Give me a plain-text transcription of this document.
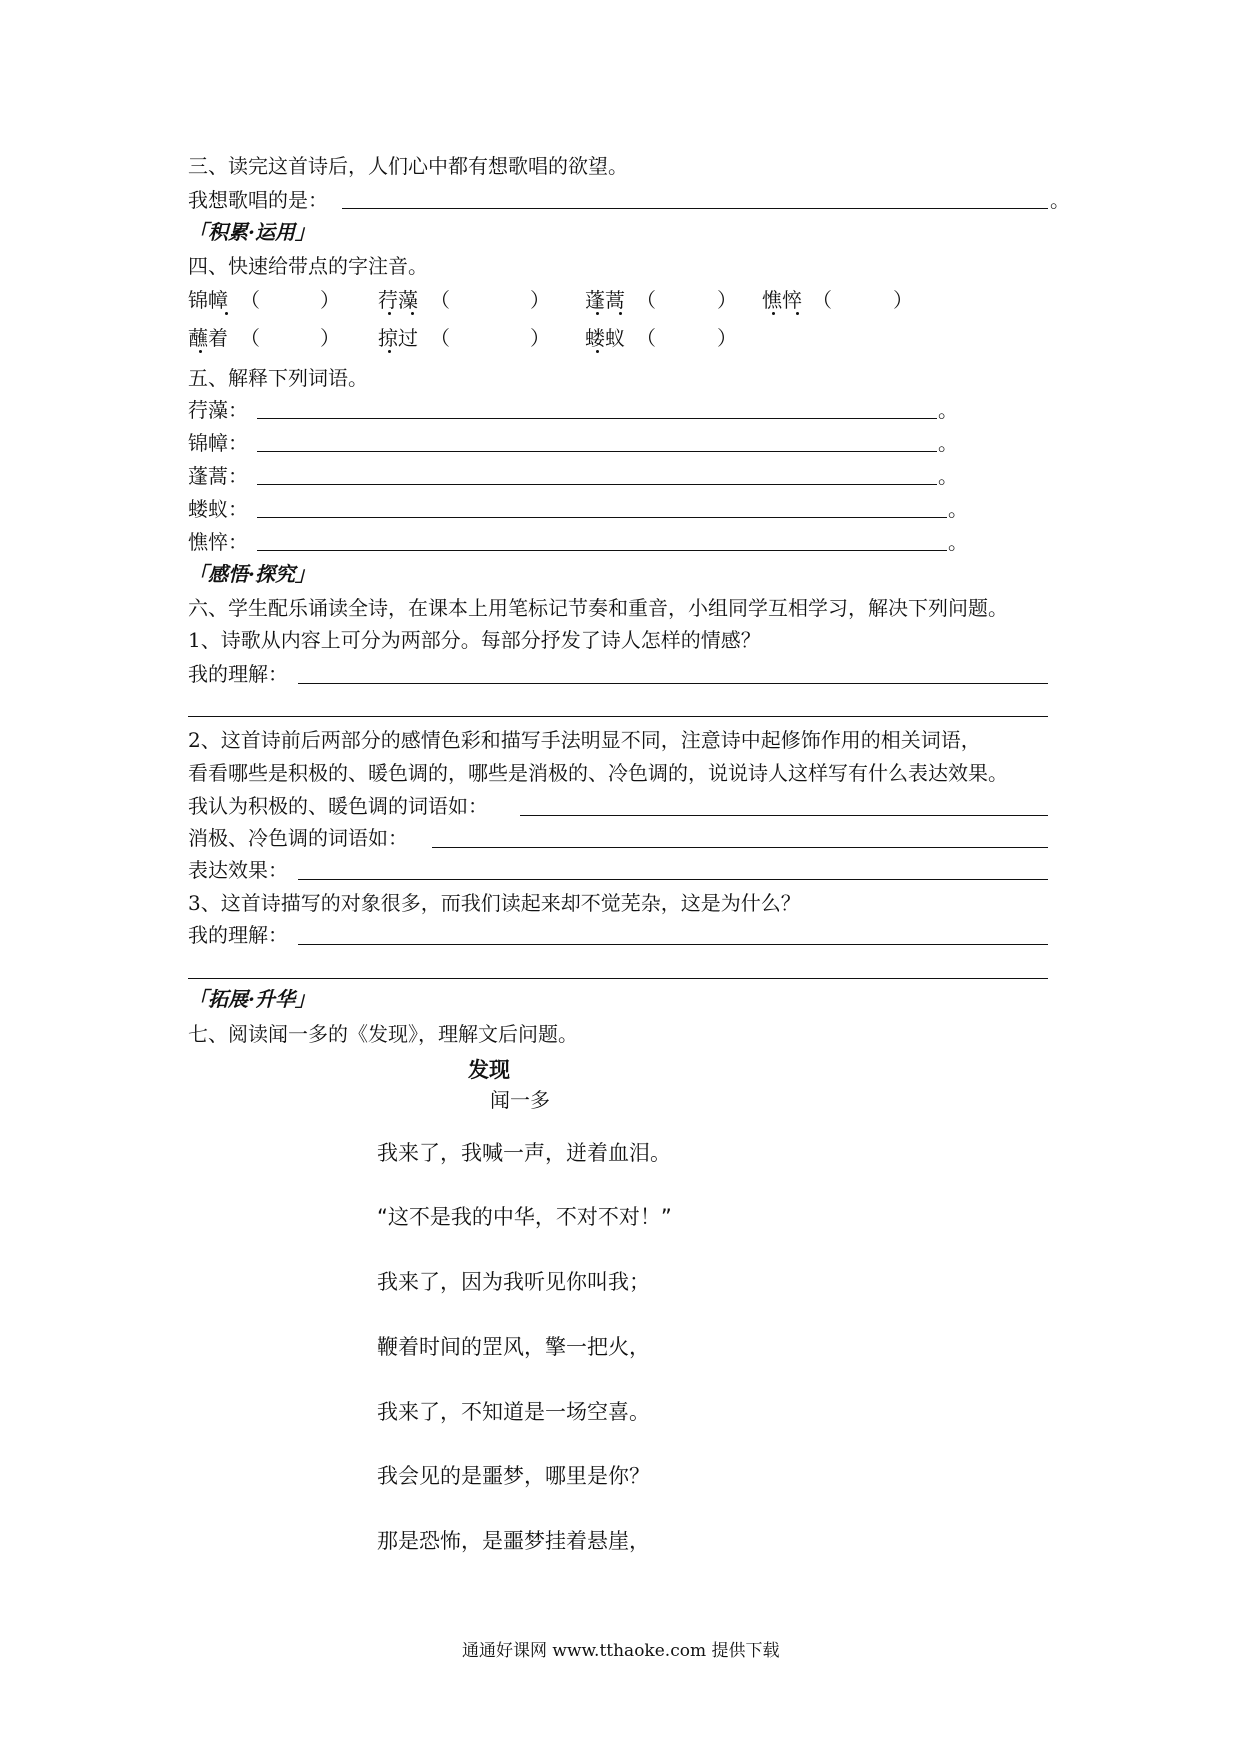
三、读完这首诗后，人们心中都有想歌唱的欲望。
我想歌唱的是：	。
「积累·运用」
四、快速给带点的字注音。
锦幛 （	） 荇藻 （	） 蓬蒿 （	） 憔悴 （	）
蘸着 （	） 掠过 （	） 蝼蚁 （	）
五、解释下列词语。
荇藻：	。
锦幛：	。
蓬蒿：	。
蝼蚁：	。
憔悴：	。
「感悟·探究」
六、学生配乐诵读全诗，在课本上用笔标记节奏和重音，小组同学互相学习，解决下列问题。
1、诗歌从内容上可分为两部分。每部分抒发了诗人怎样的情感？
我的理解：
2、这首诗前后两部分的感情色彩和描写手法明显不同，注意诗中起修饰作用的相关词语，
看看哪些是积极的、暖色调的，哪些是消极的、冷色调的，说说诗人这样写有什么表达效果。
我认为积极的、暖色调的词语如：
消极、冷色调的词语如：
表达效果：
3、这首诗描写的对象很多，而我们读起来却不觉芜杂，这是为什么？
我的理解：
「拓展·升华」
七、阅读闻一多的《发现》，理解文后问题。
发现
闻一多
我来了，我喊一声，迸着血泪。
“这不是我的中华，不对不对！”
我来了，因为我听见你叫我；
鞭着时间的罡风，擎一把火，
我来了，不知道是一场空喜。
我会见的是噩梦，哪里是你？
那是恐怖，是噩梦挂着悬崖，
通通好课网 www.tthaoke.com 提供下载
